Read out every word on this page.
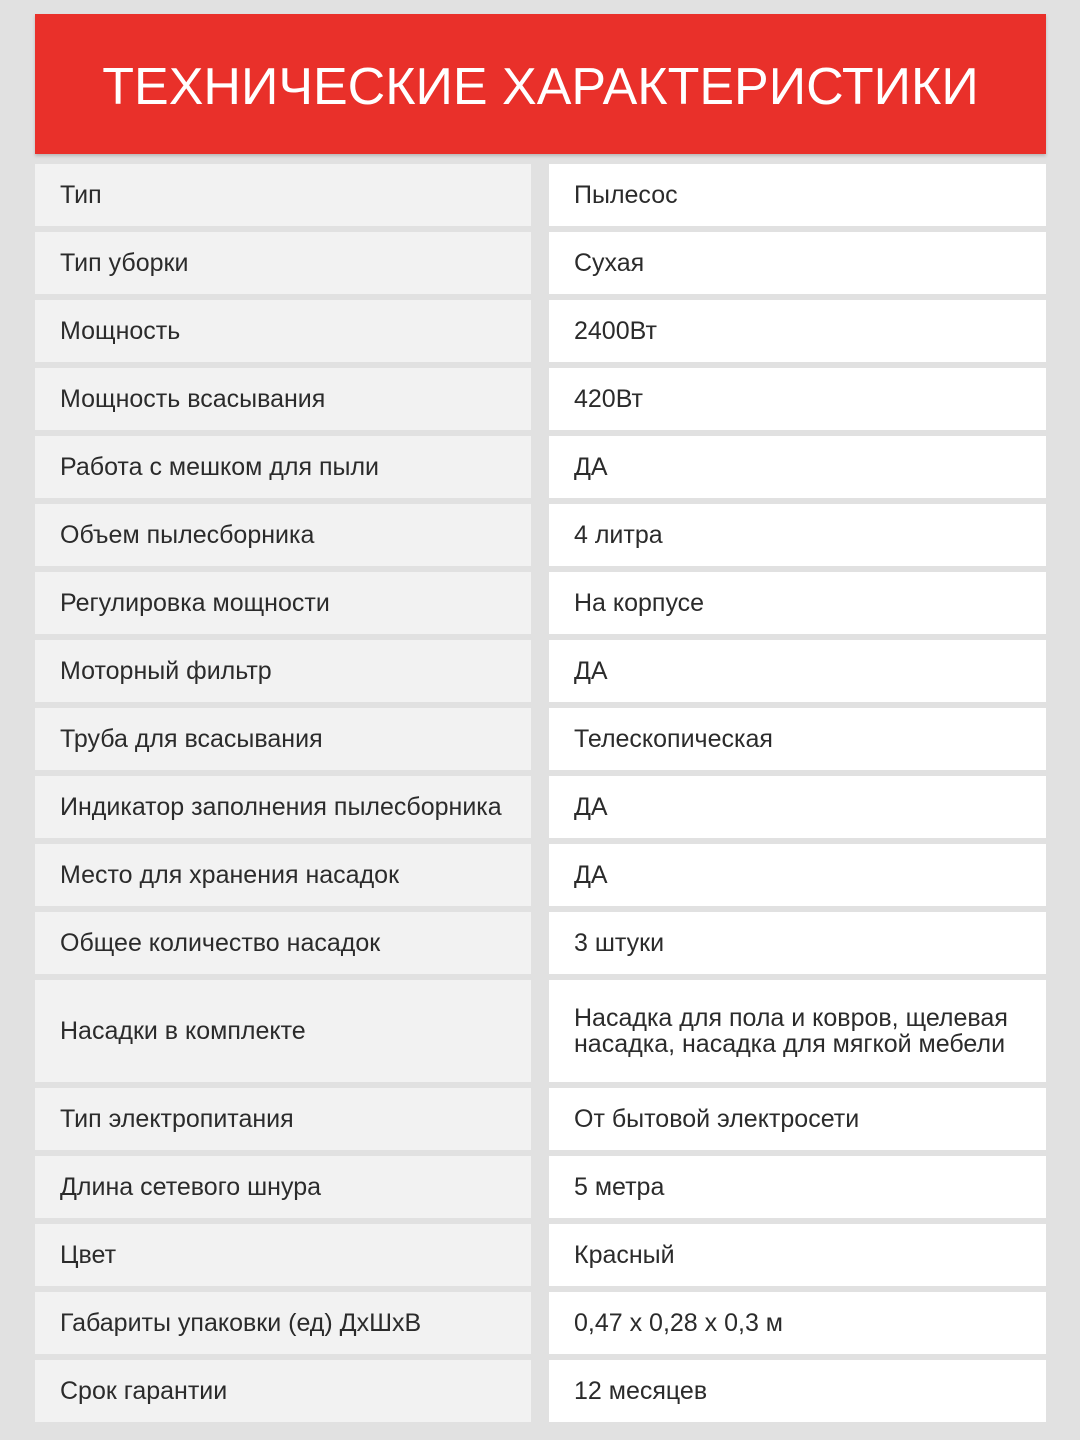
ТЕХНИЧЕСКИЕ ХАРАКТЕРИСТИКИ
Тип	Пылесос
Тип уборки	Сухая
Мощность	2400Вт
Мощность всасывания	420Вт
Работа с мешком для пыли	ДА
Объем пылесборника	4 литра
Регулировка мощности	На корпусе
Моторный фильтр	ДА
Труба для всасывания	Телескопическая
Индикатор заполнения пылесборника	ДА
Место для хранения насадок	ДА
Общее количество насадок	3 штуки
Насадки в комплекте	Насадка для пола и ковров, щелевая насадка, насадка для мягкой мебели
Тип электропитания	От бытовой электросети
Длина сетевого шнура	5 метра
Цвет	Красный
Габариты упаковки (ед) ДхШхВ	0,47 х 0,28 х 0,3 м
Срок гарантии	12 месяцев
